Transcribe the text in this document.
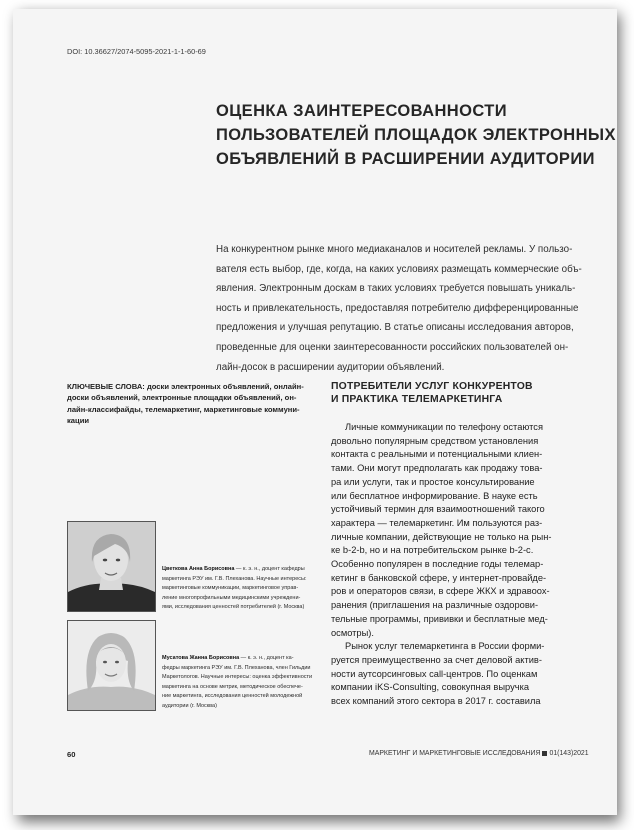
DOI: 10.36627/2074-5095-2021-1-1-60-69
ОЦЕНКА ЗАИНТЕРЕСОВАННОСТИ
ПОЛЬЗОВАТЕЛЕЙ ПЛОЩАДОК ЭЛЕКТРОННЫХ
ОБЪЯВЛЕНИЙ В РАСШИРЕНИИ АУДИТОРИИ
На конкурентном рынке много медиаканалов и носителей рекламы. У пользо-
вателя есть выбор, где, когда, на каких условиях размещать коммерческие объ-
явления. Электронным доскам в таких условиях требуется повышать уникаль-
ность и привлекательность, предоставляя потребителю дифференцированные
предложения и улучшая репутацию. В статье описаны исследования авторов,
проведенные для оценки заинтересованности российских пользователей он-
лайн-досок в расширении аудитории объявлений.
КЛЮЧЕВЫЕ СЛОВА: доски электронных объявлений, онлайн-
доски объявлений, электронные площадки объявлений, он-
лайн-классифайды, телемаркетинг, маркетинговые коммуни-
кации
Цветкова Анна Борисовна — к. э. н., доцент кафедры
маркетинга РЭУ им. Г.В. Плеханова. Научные интересы:
маркетинговые коммуникации, маркетинговое управ-
ление многопрофильными медицинскими учреждени-
ями, исследования ценностей потребителей (г. Москва)
Мусатова Жанна Борисовна — к. э. н., доцент ка-
федры маркетинга РЭУ им. Г.В. Плеханова, член Гильдии
Маркетологов. Научные интересы: оценка эффективности
маркетинга на основе метрик, методическое обеспече-
ние маркетинга, исследования ценностей молодежной
аудитории (г. Москва)
ПОТРЕБИТЕЛИ УСЛУГ КОНКУРЕНТОВ
И ПРАКТИКА ТЕЛЕМАРКЕТИНГА
Личные коммуникации по телефону остаются
довольно популярным средством установления
контакта с реальными и потенциальными клиен-
тами. Они могут предполагать как продажу това-
ра или услуги, так и простое консультирование
или бесплатное информирование. В науке есть
устойчивый термин для взаимоотношений такого
характера — телемаркетинг. Им пользуются раз-
личные компании, действующие не только на рын-
ке b-2-b, но и на потребительском рынке b-2-c.
Особенно популярен в последние годы телемар-
кетинг в банковской сфере, у интернет-провайде-
ров и операторов связи, в сфере ЖКХ и здравоох-
ранения (приглашения на различные оздорови-
тельные программы, прививки и бесплатные мед-
осмотры).
Рынок услуг телемаркетинга в России форми-
руется преимущественно за счет деловой актив-
ности аутсорсинговых call-центров. По оценкам
компании iKS-Consulting, совокупная выручка
всех компаний этого сектора в 2017 г. составила
60	МАРКЕТИНГ И МАРКЕТИНГОВЫЕ ИССЛЕДОВАНИЯ 01(143)2021
